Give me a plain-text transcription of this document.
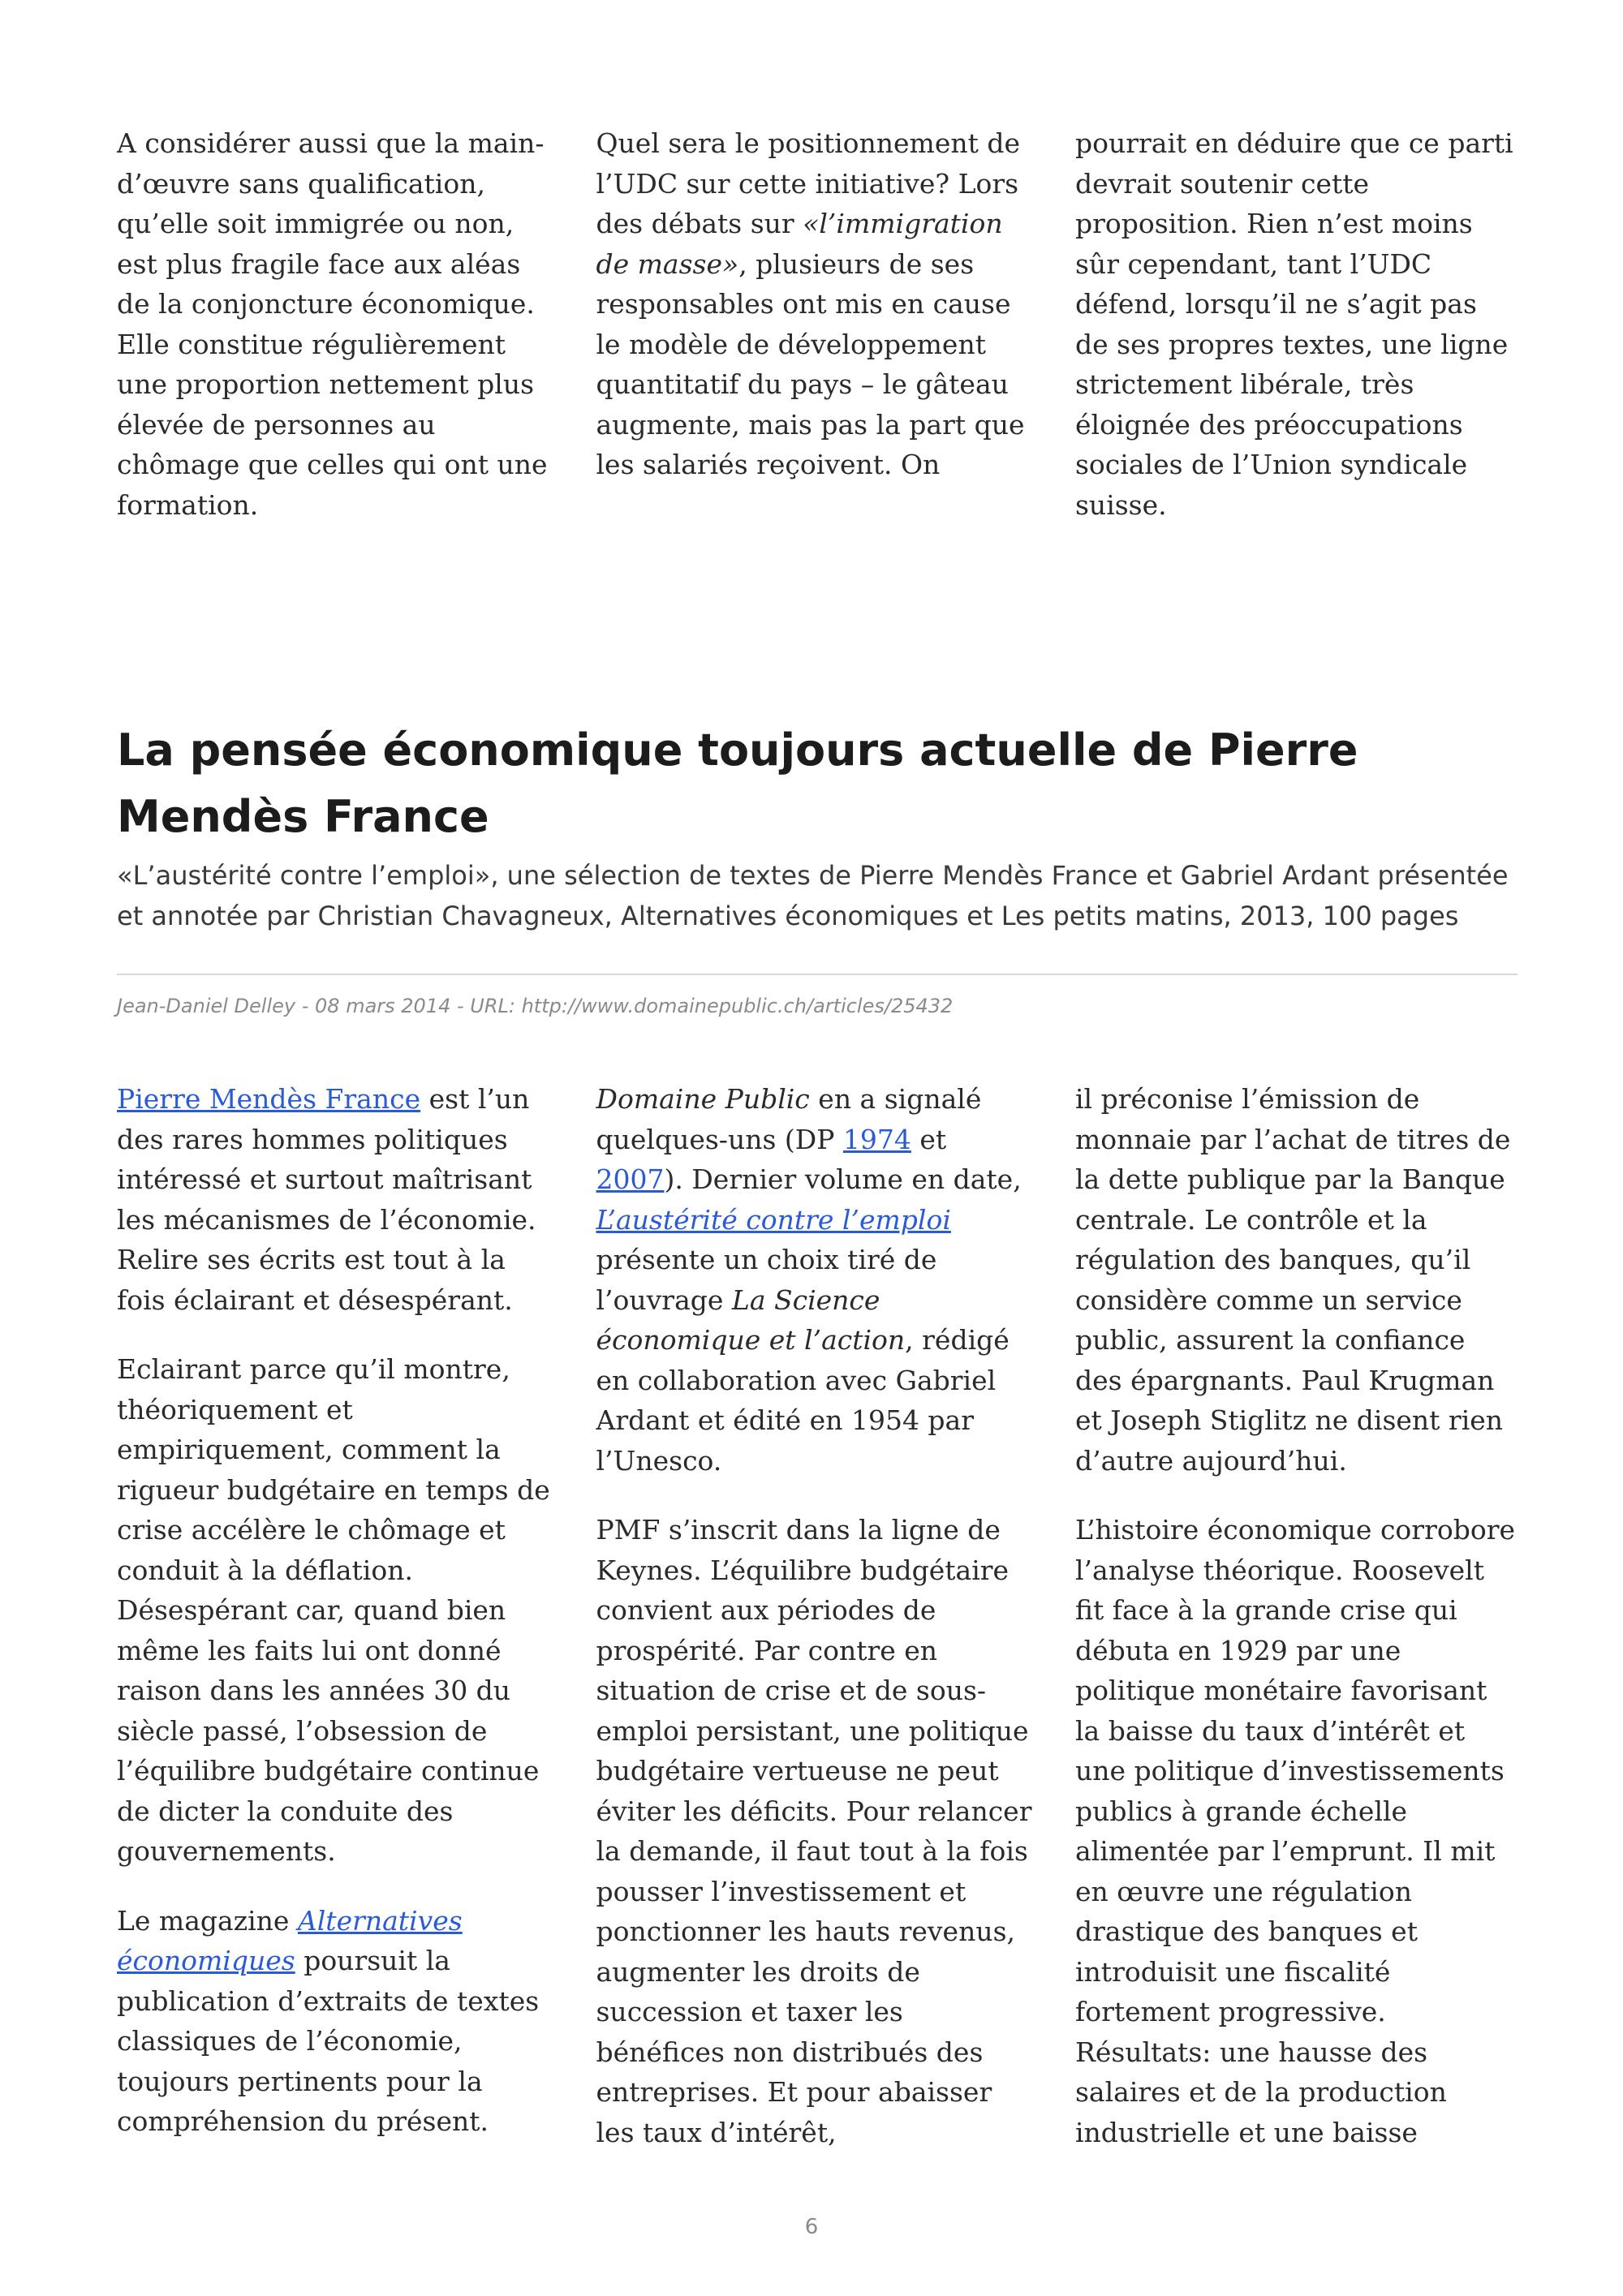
A considérer aussi que la main-d’œuvre sans qualification, qu’elle soit immigrée ou non, est plus fragile face aux aléas de la conjoncture économique. Elle constitue régulièrement une proportion nettement plus élevée de personnes au chômage que celles qui ont une formation.

Quel sera le positionnement de l’UDC sur cette initiative? Lors des débats sur «l’immigration de masse», plusieurs de ses responsables ont mis en cause le modèle de développement quantitatif du pays – le gâteau augmente, mais pas la part que les salariés reçoivent. On

pourrait en déduire que ce parti devrait soutenir cette proposition. Rien n’est moins sûr cependant, tant l’UDC défend, lorsqu’il ne s’agit pas de ses propres textes, une ligne strictement libérale, très éloignée des préoccupations sociales de l’Union syndicale suisse.

La pensée économique toujours actuelle de Pierre Mendès France

«L’austérité contre l’emploi», une sélection de textes de Pierre Mendès France et Gabriel Ardant présentée et annotée par Christian Chavagneux, Alternatives économiques et Les petits matins, 2013, 100 pages

Jean-Daniel Delley - 08 mars 2014 - URL: http://www.domainepublic.ch/articles/25432

Pierre Mendès France est l’un des rares hommes politiques intéressé et surtout maîtrisant les mécanismes de l’économie. Relire ses écrits est tout à la fois éclairant et désespérant.

Eclairant parce qu’il montre, théoriquement et empiriquement, comment la rigueur budgétaire en temps de crise accélère le chômage et conduit à la déflation. Désespérant car, quand bien même les faits lui ont donné raison dans les années 30 du siècle passé, l’obsession de l’équilibre budgétaire continue de dicter la conduite des gouvernements.

Le magazine Alternatives économiques poursuit la publication d’extraits de textes classiques de l’économie, toujours pertinents pour la compréhension du présent.

Domaine Public en a signalé quelques-uns (DP 1974 et 2007). Dernier volume en date, L’austérité contre l’emploi présente un choix tiré de l’ouvrage La Science économique et l’action, rédigé en collaboration avec Gabriel Ardant et édité en 1954 par l’Unesco.

PMF s’inscrit dans la ligne de Keynes. L’équilibre budgétaire convient aux périodes de prospérité. Par contre en situation de crise et de sous-emploi persistant, une politique budgétaire vertueuse ne peut éviter les déficits. Pour relancer la demande, il faut tout à la fois pousser l’investissement et ponctionner les hauts revenus, augmenter les droits de succession et taxer les bénéfices non distribués des entreprises. Et pour abaisser les taux d’intérêt,

il préconise l’émission de monnaie par l’achat de titres de la dette publique par la Banque centrale. Le contrôle et la régulation des banques, qu’il considère comme un service public, assurent la confiance des épargnants. Paul Krugman et Joseph Stiglitz ne disent rien d’autre aujourd’hui.

L’histoire économique corrobore l’analyse théorique. Roosevelt fit face à la grande crise qui débuta en 1929 par une politique monétaire favorisant la baisse du taux d’intérêt et une politique d’investissements publics à grande échelle alimentée par l’emprunt. Il mit en œuvre une régulation drastique des banques et introduisit une fiscalité fortement progressive. Résultats: une hausse des salaires et de la production industrielle et une baisse

6
